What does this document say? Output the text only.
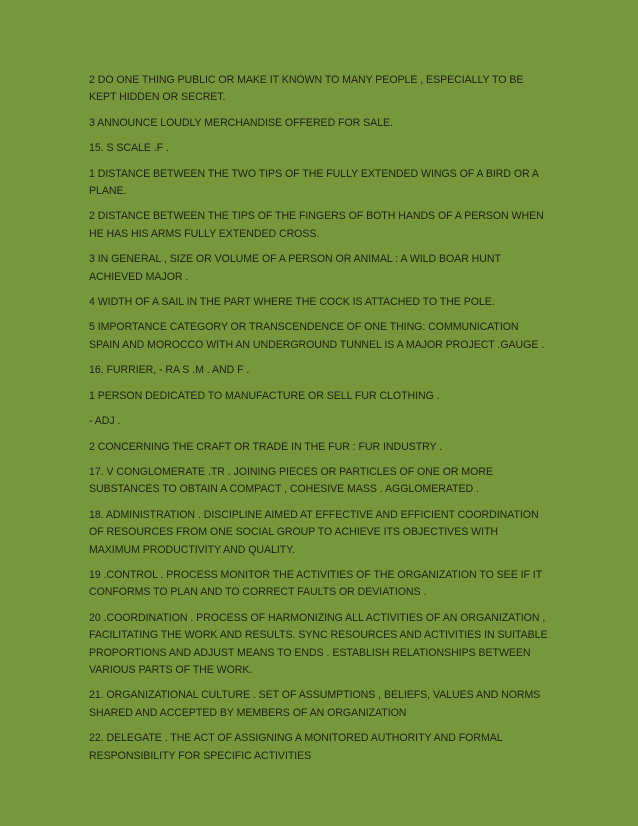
2 DO ONE THING PUBLIC OR MAKE IT KNOWN TO MANY PEOPLE , ESPECIALLY TO BE KEPT HIDDEN OR SECRET.

3 ANNOUNCE LOUDLY MERCHANDISE OFFERED FOR SALE.

15. S SCALE .F .

1 DISTANCE BETWEEN THE TWO TIPS OF THE FULLY EXTENDED WINGS OF A BIRD OR A PLANE.

2 DISTANCE BETWEEN THE TIPS OF THE FINGERS OF BOTH HANDS OF A PERSON WHEN HE HAS HIS ARMS FULLY EXTENDED CROSS.

3 IN GENERAL , SIZE OR VOLUME OF A PERSON OR ANIMAL : A WILD BOAR HUNT ACHIEVED MAJOR .

4 WIDTH OF A SAIL IN THE PART WHERE THE COCK IS ATTACHED TO THE POLE.

5 IMPORTANCE CATEGORY OR TRANSCENDENCE OF ONE THING: COMMUNICATION SPAIN AND MOROCCO WITH AN UNDERGROUND TUNNEL IS A MAJOR PROJECT .GAUGE .

16. FURRIER, - RA S .M . AND F .

1 PERSON DEDICATED TO MANUFACTURE OR SELL FUR CLOTHING .

- ADJ .

2 CONCERNING THE CRAFT OR TRADE IN THE FUR : FUR INDUSTRY .

17. V CONGLOMERATE .TR . JOINING PIECES OR PARTICLES OF ONE OR MORE SUBSTANCES TO OBTAIN A COMPACT , COHESIVE MASS . AGGLOMERATED .

18. ADMINISTRATION . DISCIPLINE AIMED AT EFFECTIVE AND EFFICIENT COORDINATION OF RESOURCES FROM ONE SOCIAL GROUP TO ACHIEVE ITS OBJECTIVES WITH MAXIMUM PRODUCTIVITY AND QUALITY.

19 .CONTROL . PROCESS MONITOR THE ACTIVITIES OF THE ORGANIZATION TO SEE IF IT CONFORMS TO PLAN AND TO CORRECT FAULTS OR DEVIATIONS .

20 .COORDINATION . PROCESS OF HARMONIZING ALL ACTIVITIES OF AN ORGANIZATION , FACILITATING THE WORK AND RESULTS. SYNC RESOURCES AND ACTIVITIES IN SUITABLE PROPORTIONS AND ADJUST MEANS TO ENDS . ESTABLISH RELATIONSHIPS BETWEEN VARIOUS PARTS OF THE WORK.

21. ORGANIZATIONAL CULTURE . SET OF ASSUMPTIONS , BELIEFS, VALUES AND NORMS SHARED AND ACCEPTED BY MEMBERS OF AN ORGANIZATION

22. DELEGATE . THE ACT OF ASSIGNING A MONITORED AUTHORITY AND FORMAL RESPONSIBILITY FOR SPECIFIC ACTIVITIES
